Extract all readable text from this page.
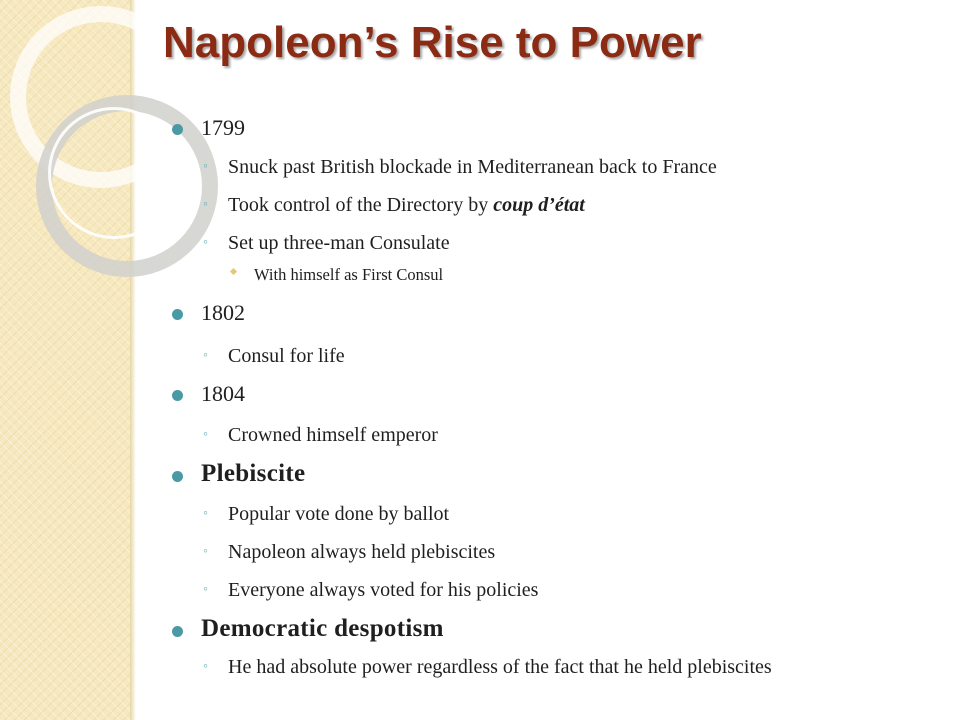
Napoleon’s Rise to Power
1799
◦ Snuck past British blockade in Mediterranean back to France
◦ Took control of the Directory by coup d’état
◦ Set up three-man Consulate
With himself as First Consul
1802
◦ Consul for life
1804
◦ Crowned himself emperor
Plebiscite
◦ Popular vote done by ballot
◦ Napoleon always held plebiscites
◦ Everyone always voted for his policies
Democratic despotism
◦ He had absolute power regardless of the fact that he held plebiscites
